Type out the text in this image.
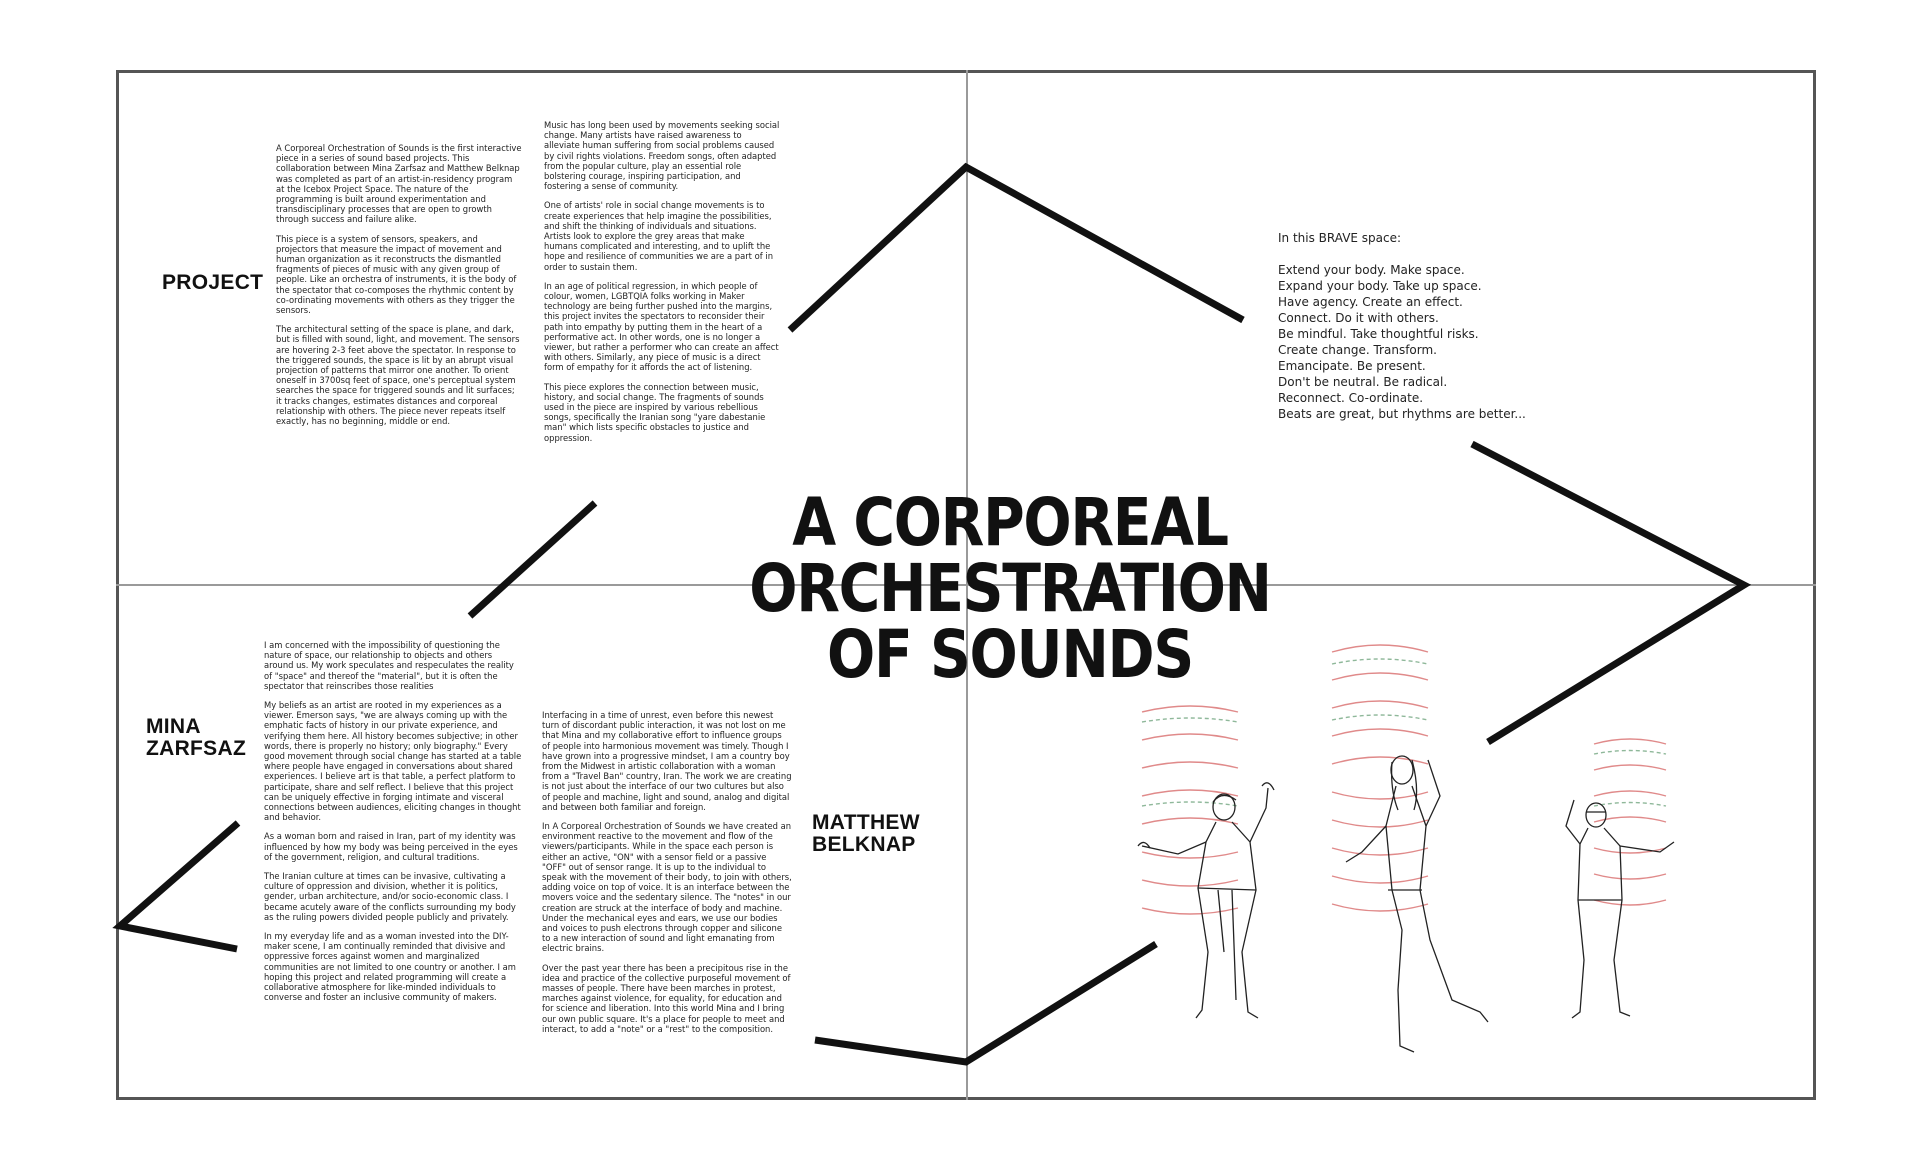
A Corporeal Orchestration of Sounds is the first interactive piece in a series of sound based projects. This collaboration between Mina Zarfsaz and Matthew Belknap was completed as part of an artist-in-residency program at the Icebox Project Space. The nature of the programming is built around experimentation and transdisciplinary processes that are open to growth through success and failure alike.

This piece is a system of sensors, speakers, and projectors that measure the impact of movement and human organization as it reconstructs the dismantled fragments of pieces of music with any given group of people. Like an orchestra of instruments, it is the body of the spectator that co-composes the rhythmic content by co-ordinating movements with others as they trigger the sensors.

The architectural setting of the space is plane, and dark, but is filled with sound, light, and movement. The sensors are hovering 2-3 feet above the spectator. In response to the triggered sounds, the space is lit by an abrupt visual projection of patterns that mirror one another. To orient oneself in 3700sq feet of space, one's perceptual system searches the space for triggered sounds and lit surfaces; it tracks changes, estimates distances and corporeal relationship with others. The piece never repeats itself exactly, has no beginning, middle or end.

PROJECT

Music has long been used by movements seeking social change. Many artists have raised awareness to alleviate human suffering from social problems caused by civil rights violations. Freedom songs, often adapted from the popular culture, play an essential role bolstering courage, inspiring participation, and fostering a sense of community.

One of artists' role in social change movements is to create experiences that help imagine the possibilities, and shift the thinking of individuals and situations. Artists look to explore the grey areas that make humans complicated and interesting, and to uplift the hope and resilience of communities we are a part of in order to sustain them.

In an age of political regression, in which people of colour, women, LGBTQIA folks working in Maker technology are being further pushed into the margins, this project invites the spectators to reconsider their path into empathy by putting them in the heart of a performative act. In other words, one is no longer a viewer, but rather a performer who can create an affect with others. Similarly, any piece of music is a direct form of empathy for it affords the act of listening.

This piece explores the connection between music, history, and social change. The fragments of sounds used in the piece are inspired by various rebellious songs, specifically the Iranian song "yare dabestanie man" which lists specific obstacles to justice and oppression.

In this BRAVE space:
Extend your body. Make space.
Expand your body. Take up space.
Have agency. Create an effect.
Connect. Do it with others.
Be mindful. Take thoughtful risks.
Create change. Transform.
Emancipate. Be present.
Don't be neutral. Be radical.
Reconnect. Co-ordinate.
Beats are great, but rhythms are better...
A CORPOREAL
ORCHESTRATION
OF SOUNDS
MINA
ZARFSAZ

I am concerned with the impossibility of questioning the nature of space, our relationship to objects and others around us. My work speculates and respeculates the reality of "space" and thereof the "material", but it is often the spectator that reinscribes those realities

My beliefs as an artist are rooted in my experiences as a viewer. Emerson says, "we are always coming up with the emphatic facts of history in our private experience, and verifying them here. All history becomes subjective; in other words, there is properly no history; only biography." Every good movement through social change has started at a table where people have engaged in conversations about shared experiences. I believe art is that table, a perfect platform to participate, share and self reflect. I believe that this project can be uniquely effective in forging intimate and visceral connections between audiences, eliciting changes in thought and behavior.

As a woman born and raised in Iran, part of my identity was influenced by how my body was being perceived in the eyes of the government, religion, and cultural traditions.

The Iranian culture at times can be invasive, cultivating a culture of oppression and division, whether it is politics, gender, urban architecture, and/or socio-economic class. I became acutely aware of the conflicts surrounding my body as the ruling powers divided people publicly and privately.

In my everyday life and as a woman invested into the DIY-maker scene, I am continually reminded that divisive and oppressive forces against women and marginalized communities are not limited to one country or another. I am hoping this project and related programming will create a collaborative atmosphere for like-minded individuals to converse and foster an inclusive community of makers.

Interfacing in a time of unrest, even before this newest turn of discordant public interaction, it was not lost on me that Mina and my collaborative effort to influence groups of people into harmonious movement was timely. Though I have grown into a progressive mindset, I am a country boy from the Midwest in artistic collaboration with a woman from a "Travel Ban" country, Iran. The work we are creating is not just about the interface of our two cultures but also of people and machine, light and sound, analog and digital and between both familiar and foreign.

In A Corporeal Orchestration of Sounds we have created an environment reactive to the movement and flow of the viewers/participants. While in the space each person is either an active, "ON" with a sensor field or a passive "OFF" out of sensor range. It is up to the individual to speak with the movement of their body, to join with others, adding voice on top of voice. It is an interface between the movers voice and the sedentary silence. The "notes" in our creation are struck at the interface of body and machine. Under the mechanical eyes and ears, we use our bodies and voices to push electrons through copper and silicone to a new interaction of sound and light emanating from electric brains.

Over the past year there has been a precipitous rise in the idea and practice of the collective purposeful movement of masses of people. There have been marches in protest, marches against violence, for equality, for education and for science and liberation. Into this world Mina and I bring our own public square. It's a place for people to meet and interact, to add a "note" or a "rest" to the composition.

MATTHEW
BELKNAP
